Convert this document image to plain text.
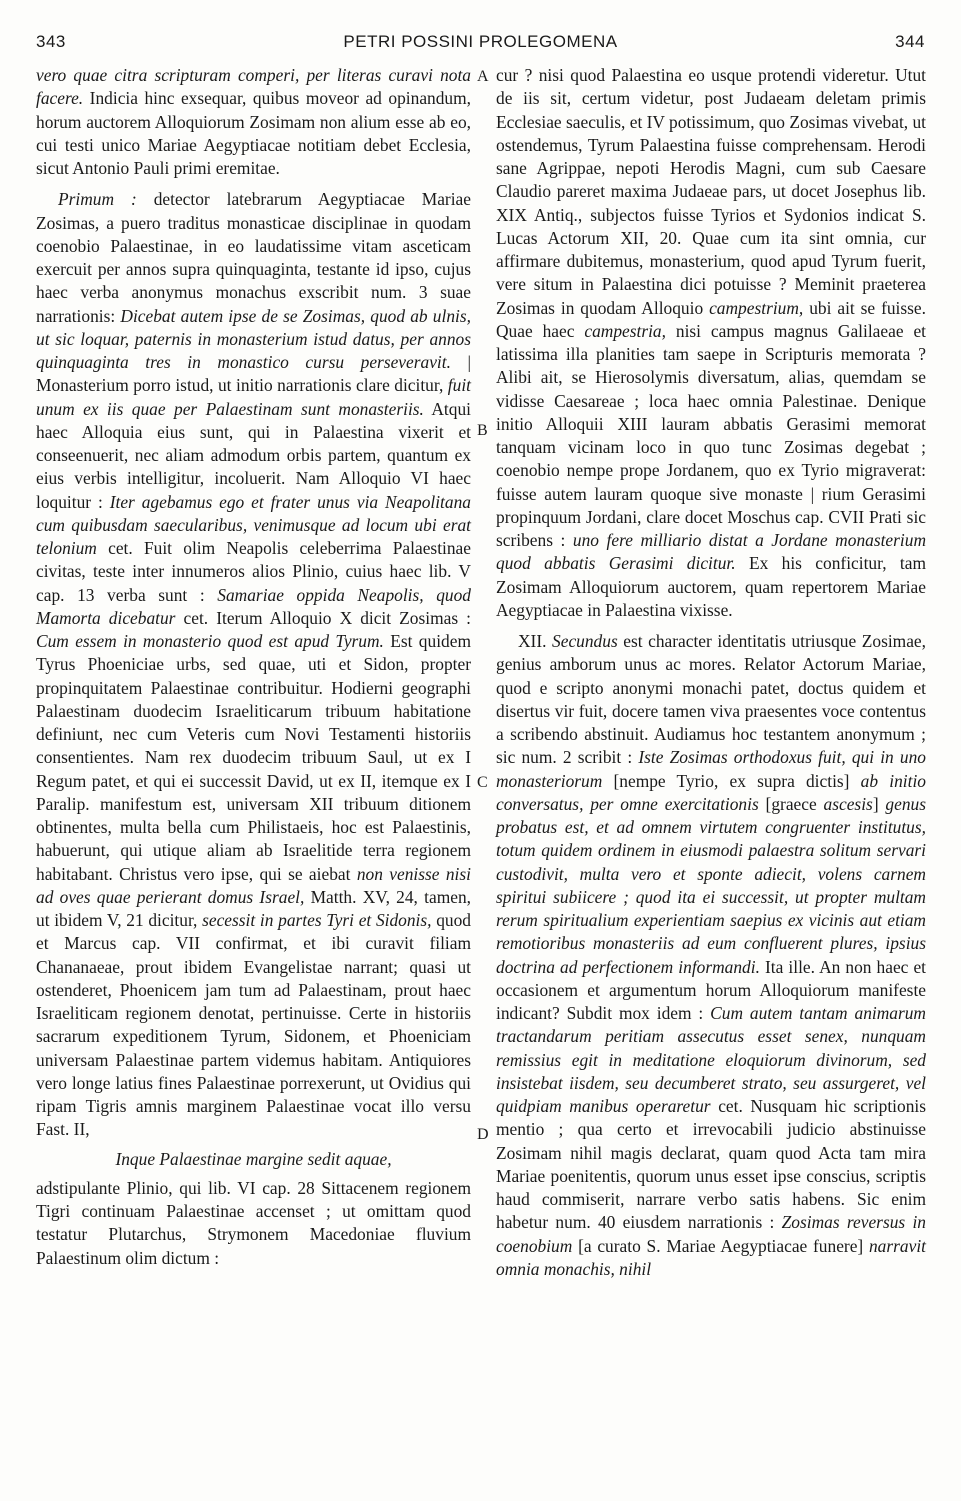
343	PETRI POSSINI PROLEGOMENA	344

vero quae citra scripturam comperi, per literas curavi nota facere. Indicia hinc exsequar, quibus moveor ad opinandum, horum auctorem Alloquiorum Zosimam non alium esse ab eo, cui testi unico Mariae Aegyptiacae notitiam debet Ecclesia, sicut Antonio Pauli primi eremitae.

Primum : detector latebrarum Aegyptiacae Mariae Zosimas, a puero traditus monasticae disciplinae in quodam coenobio Palaestinae, in eo laudatissime vitam asceticam exercuit per annos supra quinquaginta, testante id ipso, cujus haec verba anonymus monachus exscribit num. 3 suae narrationis: Dicebat autem ipse de se Zosimas, quod ab ulnis, ut sic loquar, paternis in monasterium istud datus, per annos quinquaginta tres in monastico cursu perseveravit. | Monasterium porro istud, ut initio narrationis clare dicitur, fuit unum ex iis quae per Palaestinam sunt monasteriis. Atqui haec Alloquia eius sunt, qui in Palaestina vixerit et conseenuerit, nec aliam admodum orbis partem, quantum ex eius verbis intelligitur, incoluerit. Nam Alloquio VI haec loquitur : Iter agebamus ego et frater unus via Neapolitana cum quibusdam saecularibus, venimusque ad locum ubi erat telonium cet. Fuit olim Neapolis celeberrima Palaestinae civitas, teste inter innumeros alios Plinio, cuius haec lib. V cap. 13 verba sunt : Samariae oppida Neapolis, quod Mamorta dicebatur cet. Iterum Alloquio X dicit Zosimas : Cum essem in monasterio quod est apud Tyrum. Est quidem Tyrus Phoeniciae urbs, sed quae, uti et Sidon, propter propinquitatem Palaestinae contribuitur. Hodierni geographi Palaestinam duodecim Israeliticarum tribuum habitatione definiunt, nec cum Veteris cum Novi Testamenti historiis consentientes. Nam rex duodecim tribuum Saul, ut ex I Regum patet, et qui ei successit David, ut ex II, itemque ex I Paralip. manifestum est, universam XII tribuum ditionem obtinentes, multa bella cum Philistaeis, hoc est Palaestinis, habuerunt, qui utique aliam ab Israelitide terra regionem habitabant. Christus vero ipse, qui se aiebat non venisse nisi ad oves quae perierant domus Israel, Matth. XV, 24, tamen, ut ibidem V, 21 dicitur, secessit in partes Tyri et Sidonis, quod et Marcus cap. VII confirmat, et ibi curavit filiam Chananaeae, prout ibidem Evangelistae narrant; quasi ut ostenderet, Phoenicem jam tum ad Palaestinam, prout haec Israeliticam regionem denotat, pertinuisse. Certe in historiis sacrarum expeditionem Tyrum, Sidonem, et Phoeniciam universam Palaestinae partem videmus habitam. Antiquiores vero longe latius fines Palaestinae porrexerunt, ut Ovidius qui ripam Tigris amnis marginem Palaestinae vocat illo versu Fast. II,

Inque Palaestinae margine sedit aquae,

adstipulante Plinio, qui lib. VI cap. 28 Sittacenem regionem Tigri continuam Palaestinae accenset ; ut omittam quod testatur Plutarchus, Strymonem Macedoniae fluvium Palaestinum olim dictum :

cur ? nisi quod Palaestina eo usque protendi videretur. Utut de iis sit, certum videtur, post Judaeam deletam primis Ecclesiae saeculis, et IV potissimum, quo Zosimas vivebat, ut ostendemus, Tyrum Palaestina fuisse comprehensam. Herodi sane Agrippae, nepoti Herodis Magni, cum sub Caesare Claudio pareret maxima Judaeae pars, ut docet Josephus lib. XIX Antiq., subjectos fuisse Tyrios et Sydonios indicat S. Lucas Actorum XII, 20. Quae cum ita sint omnia, cur affirmare dubitemus, monasterium, quod apud Tyrum fuerit, vere situm in Palaestina dici potuisse ? Meminit praeterea Zosimas in quodam Alloquio campestrium, ubi ait se fuisse. Quae haec campestria, nisi campus magnus Galilaeae et latissima illa planities tam saepe in Scripturis memorata ? Alibi ait, se Hierosolymis diversatum, alias, quemdam se vidisse Caesareae ; loca haec omnia Palestinae. Denique initio Alloquii XIII lauram abbatis Gerasimi memorat tanquam vicinam loco in quo tunc Zosimas degebat ; coenobio nempe prope Jordanem, quo ex Tyrio migraverat: fuisse autem lauram quoque sive monaste | rium Gerasimi propinquum Jordani, clare docet Moschus cap. CVII Prati sic scribens : uno fere milliario distat a Jordane monasterium quod abbatis Gerasimi dicitur. Ex his conficitur, tam Zosimam Alloquiorum auctorem, quam repertorem Mariae Aegyptiacae in Palaestina vixisse.

XII. Secundus est character identitatis utriusque Zosimae, genius amborum unus ac mores. Relator Actorum Mariae, quod e scripto anonymi monachi patet, doctus quidem et disertus vir fuit, docere tamen viva praesentes voce contentus a scribendo abstinuit. Audiamus hoc testantem anonymum ; sic num. 2 scribit : Iste Zosimas orthodoxus fuit, qui in uno monasteriorum [nempe Tyrio, ex supra dictis] ab initio conversatus, per omne exercitationis [graece ascesis] genus probatus est, et ad omnem virtutem congruenter institutus, totum quidem ordinem in eiusmodi palaestra solitum servari custodivit, multa vero et sponte adiecit, volens carnem spiritui subiicere ; quod ita ei successit, ut propter multam rerum spiritualium experientiam saepius ex vicinis aut etiam remotioribus monasteriis ad eum confluerent plures, ipsius doctrina ad perfectionem informandi. Ita ille. An non haec et occasionem et argumentum horum Alloquiorum manifeste indicant? Subdit mox idem : Cum autem tantam animarum tractandarum peritiam assecutus esset senex, nunquam remissius egit in meditatione eloquiorum divinorum, sed insistebat iisdem, seu decumberet strato, seu assurgeret, vel quidpiam manibus operaretur cet. Nusquam hic scriptionis mentio ; qua certo et irrevocabili judicio abstinuisse Zosimam nihil magis declarat, quam quod Acta tam mira Mariae poenitentis, quorum unus esset ipse conscius, scriptis haud commiserit, narrare verbo satis habens. Sic enim habetur num. 40 eiusdem narrationis : Zosimas reversus in coenobium [a curato S. Mariae Aegyptiacae funere] narravit omnia monachis, nihil

A
B
C
D
